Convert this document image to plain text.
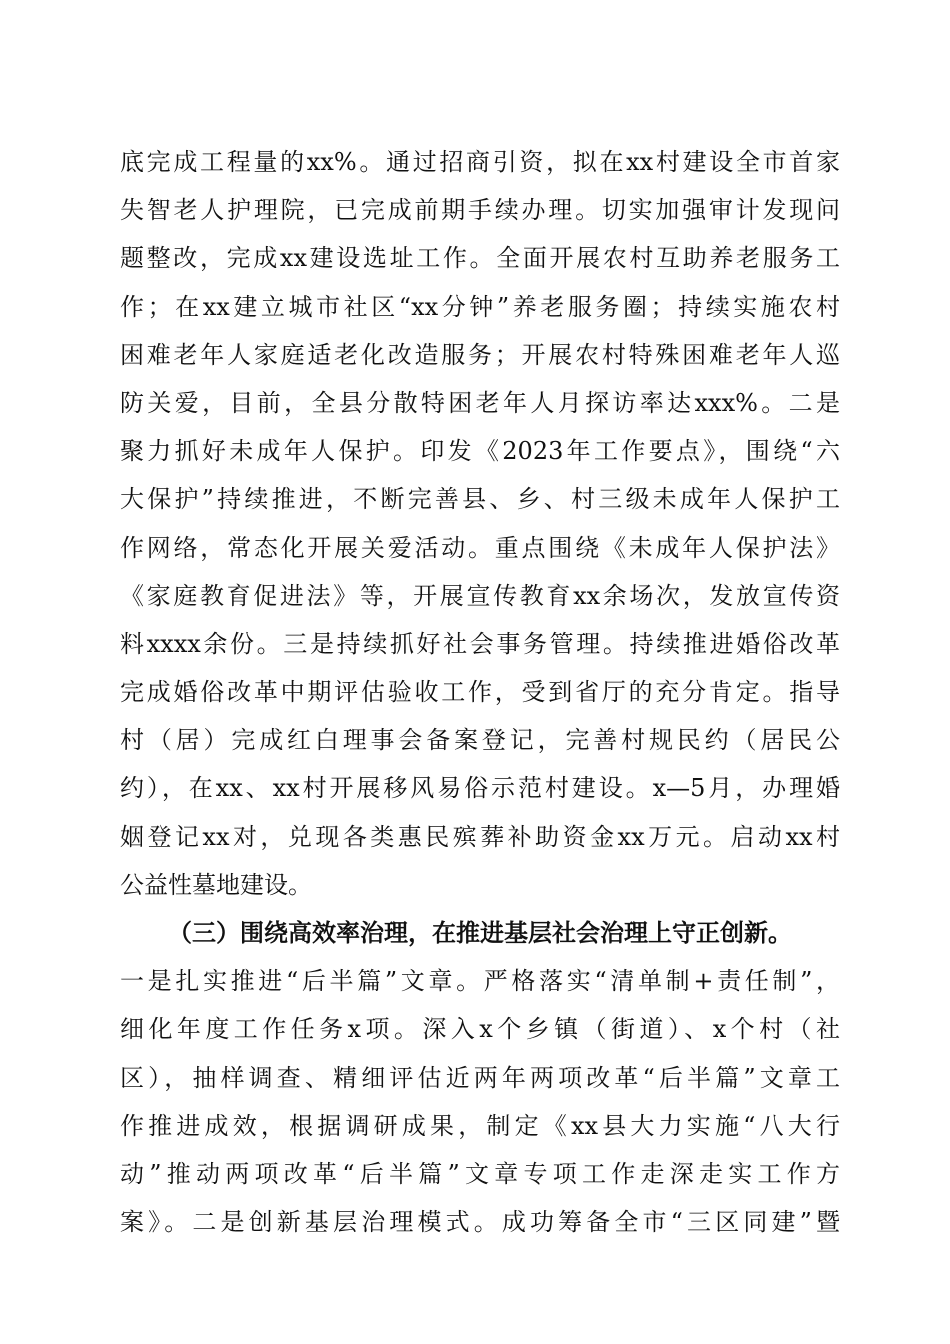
底完成工程量的xx%。通过招商引资，拟在xx村建设全市首家
失智老人护理院，已完成前期手续办理。切实加强审计发现问
题整改，完成xx建设选址工作。全面开展农村互助养老服务工
作；在xx建立城市社区“xx分钟”养老服务圈；持续实施农村
困难老年人家庭适老化改造服务；开展农村特殊困难老年人巡
防关爱，目前，全县分散特困老年人月探访率达xxx%。二是
聚力抓好未成年人保护。印发《2023年工作要点》，围绕“六
大保护”持续推进，不断完善县、乡、村三级未成年人保护工
作网络，常态化开展关爱活动。重点围绕《未成年人保护法》
《家庭教育促进法》等，开展宣传教育xx余场次，发放宣传资
料xxxx余份。三是持续抓好社会事务管理。持续推进婚俗改革
完成婚俗改革中期评估验收工作，受到省厅的充分肯定。指导
村（居）完成红白理事会备案登记，完善村规民约（居民公
约），在xx、xx村开展移风易俗示范村建设。x—5月，办理婚
姻登记xx对，兑现各类惠民殡葬补助资金xx万元。启动xx村
公益性墓地建设。
（三）围绕高效率治理，在推进基层社会治理上守正创新。
一是扎实推进“后半篇”文章。严格落实“清单制+责任制”，
细化年度工作任务x项。深入x个乡镇（街道）、x个村（社
区），抽样调查、精细评估近两年两项改革“后半篇”文章工
作推进成效，根据调研成果，制定《xx县大力实施“八大行
动”推动两项改革“后半篇”文章专项工作走深走实工作方
案》。二是创新基层治理模式。成功筹备全市“三区同建”暨
